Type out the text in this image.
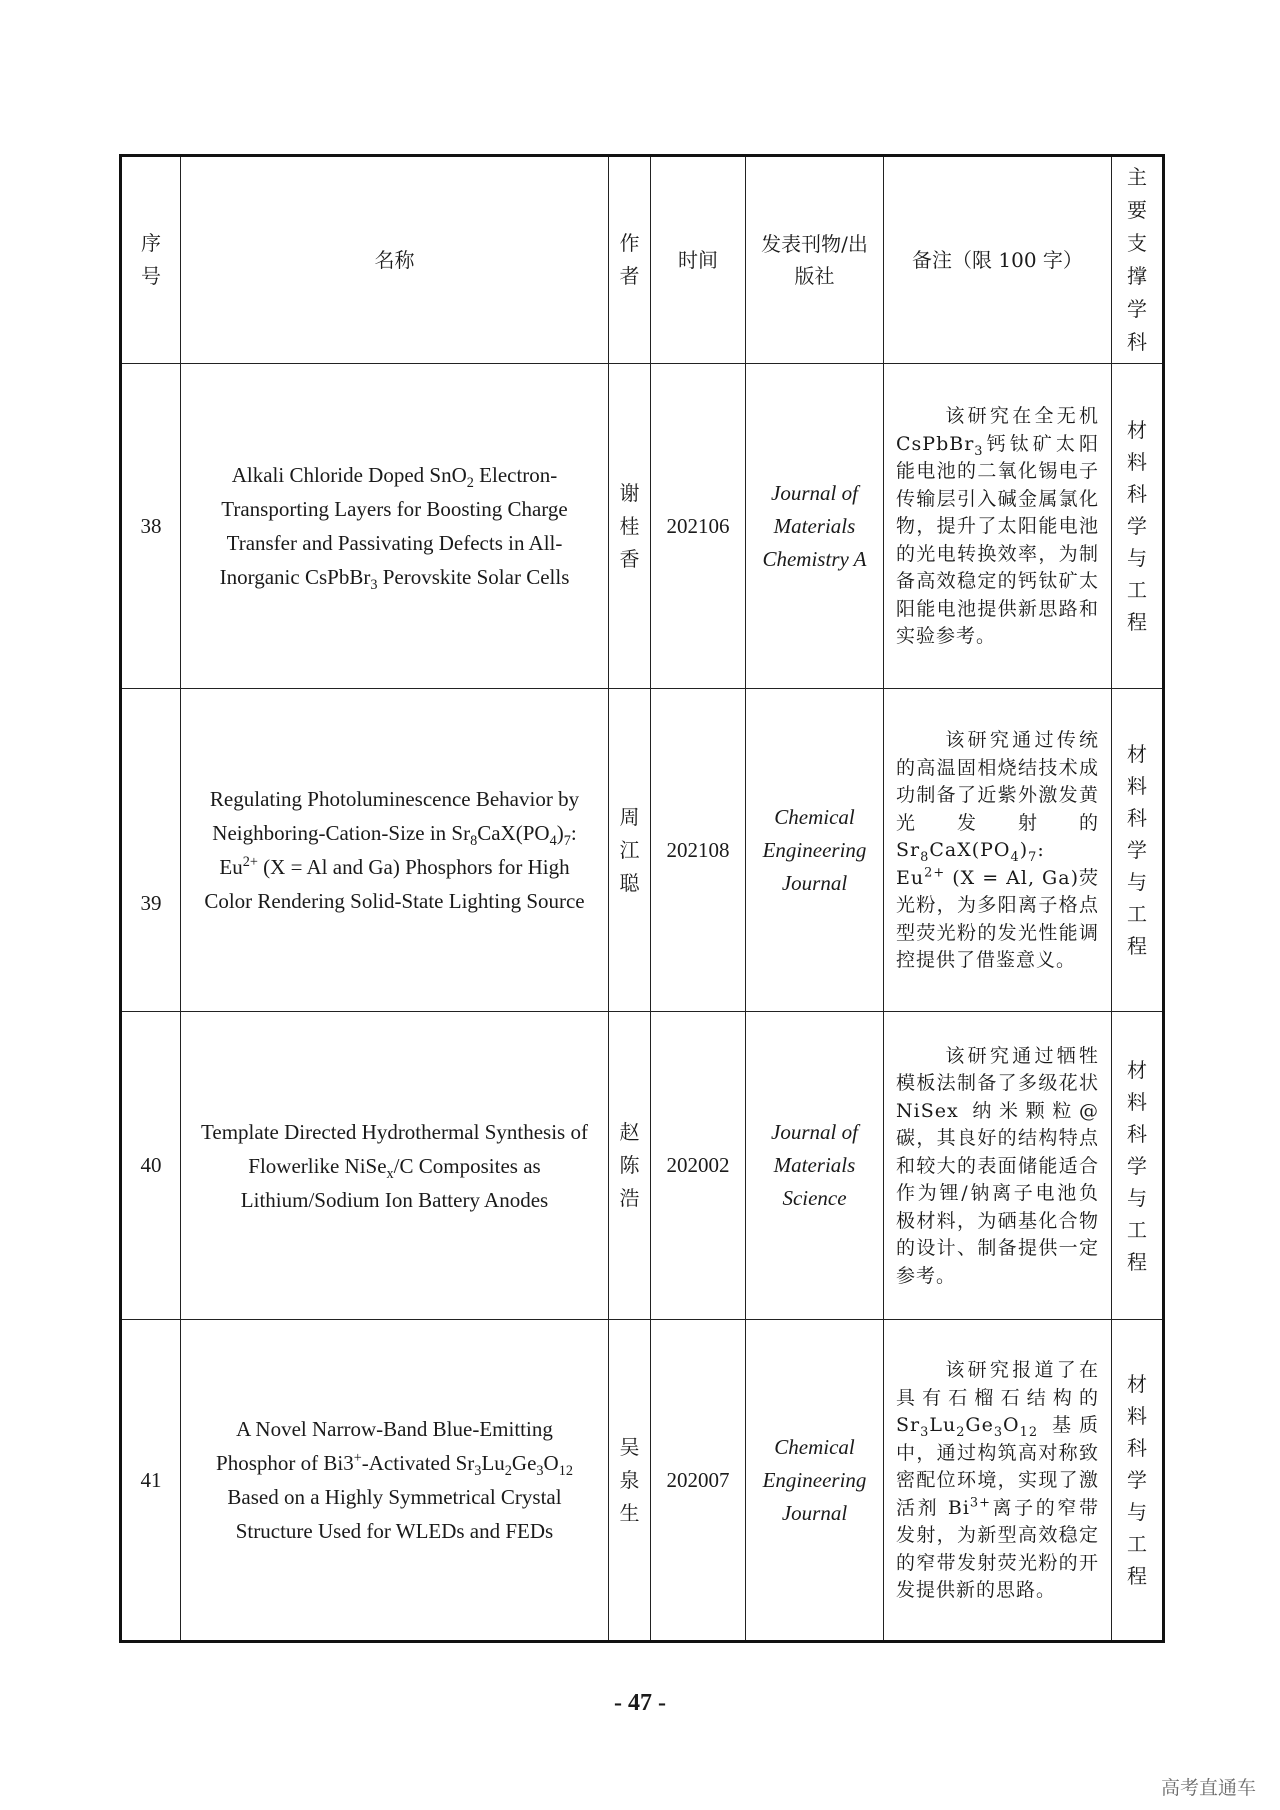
序号	名称	作者	时间	发表刊物/出版社	备注（限 100 字）	主要支撑学科
38	Alkali Chloride Doped SnO$_2$ Electron-Transporting Layers for Boosting Charge Transfer and Passivating Defects in All-Inorganic CsPbBr$_3$ Perovskite Solar Cells	谢桂香	202106	Journal of Materials Chemistry A	该研究在全无机CsPbBr$_3$钙钛矿太阳能电池的二氧化锡电子传输层引入碱金属氯化物，提升了太阳能电池的光电转换效率，为制备高效稳定的钙钛矿太阳能电池提供新思路和实验参考。	材料科学与工程
39	Regulating Photoluminescence Behavior by Neighboring-Cation-Size in $Sr_8CaX(PO_4)_7$: $Eu^{2+}$ (X = Al and Ga) Phosphors for High Color Rendering Solid-State Lighting Source	周江聪	202108	Chemical Engineering Journal	该研究通过传统的高温固相烧结技术成功制备了近紫外激发黄光发射的 $Sr_8CaX(PO_4)_7$: $Eu^{2+}$ (X = Al, Ga)荧光粉，为多阳离子格点型荧光粉的发光性能调控提供了借鉴意义。	材料科学与工程
40	Template Directed Hydrothermal Synthesis of Flowerlike NiSe$_x$/C Composites as Lithium/Sodium Ion Battery Anodes	赵陈浩	202002	Journal of Materials Science	该研究通过牺牲模板法制备了多级花状 NiSex 纳米颗粒@碳，其良好的结构特点和较大的表面储能适合作为锂/钠离子电池负极材料，为硒基化合物的设计、制备提供一定参考。	材料科学与工程
41	A Novel Narrow-Band Blue-Emitting Phosphor of Bi3+-Activated $Sr_3Lu_2Ge_3O_{12}$ Based on a Highly Symmetrical Crystal Structure Used for WLEDs and FEDs	吴泉生	202007	Chemical Engineering Journal	该研究报道了在具有石榴石结构的 $Sr_3Lu_2Ge_3O_{12}$ 基质中，通过构筑高对称致密配位环境，实现了激活剂 $Bi^{3+}$离子的窄带发射，为新型高效稳定的窄带发射荧光粉的开发提供新的思路。	材料科学与工程
- 47 -
高考直通车
